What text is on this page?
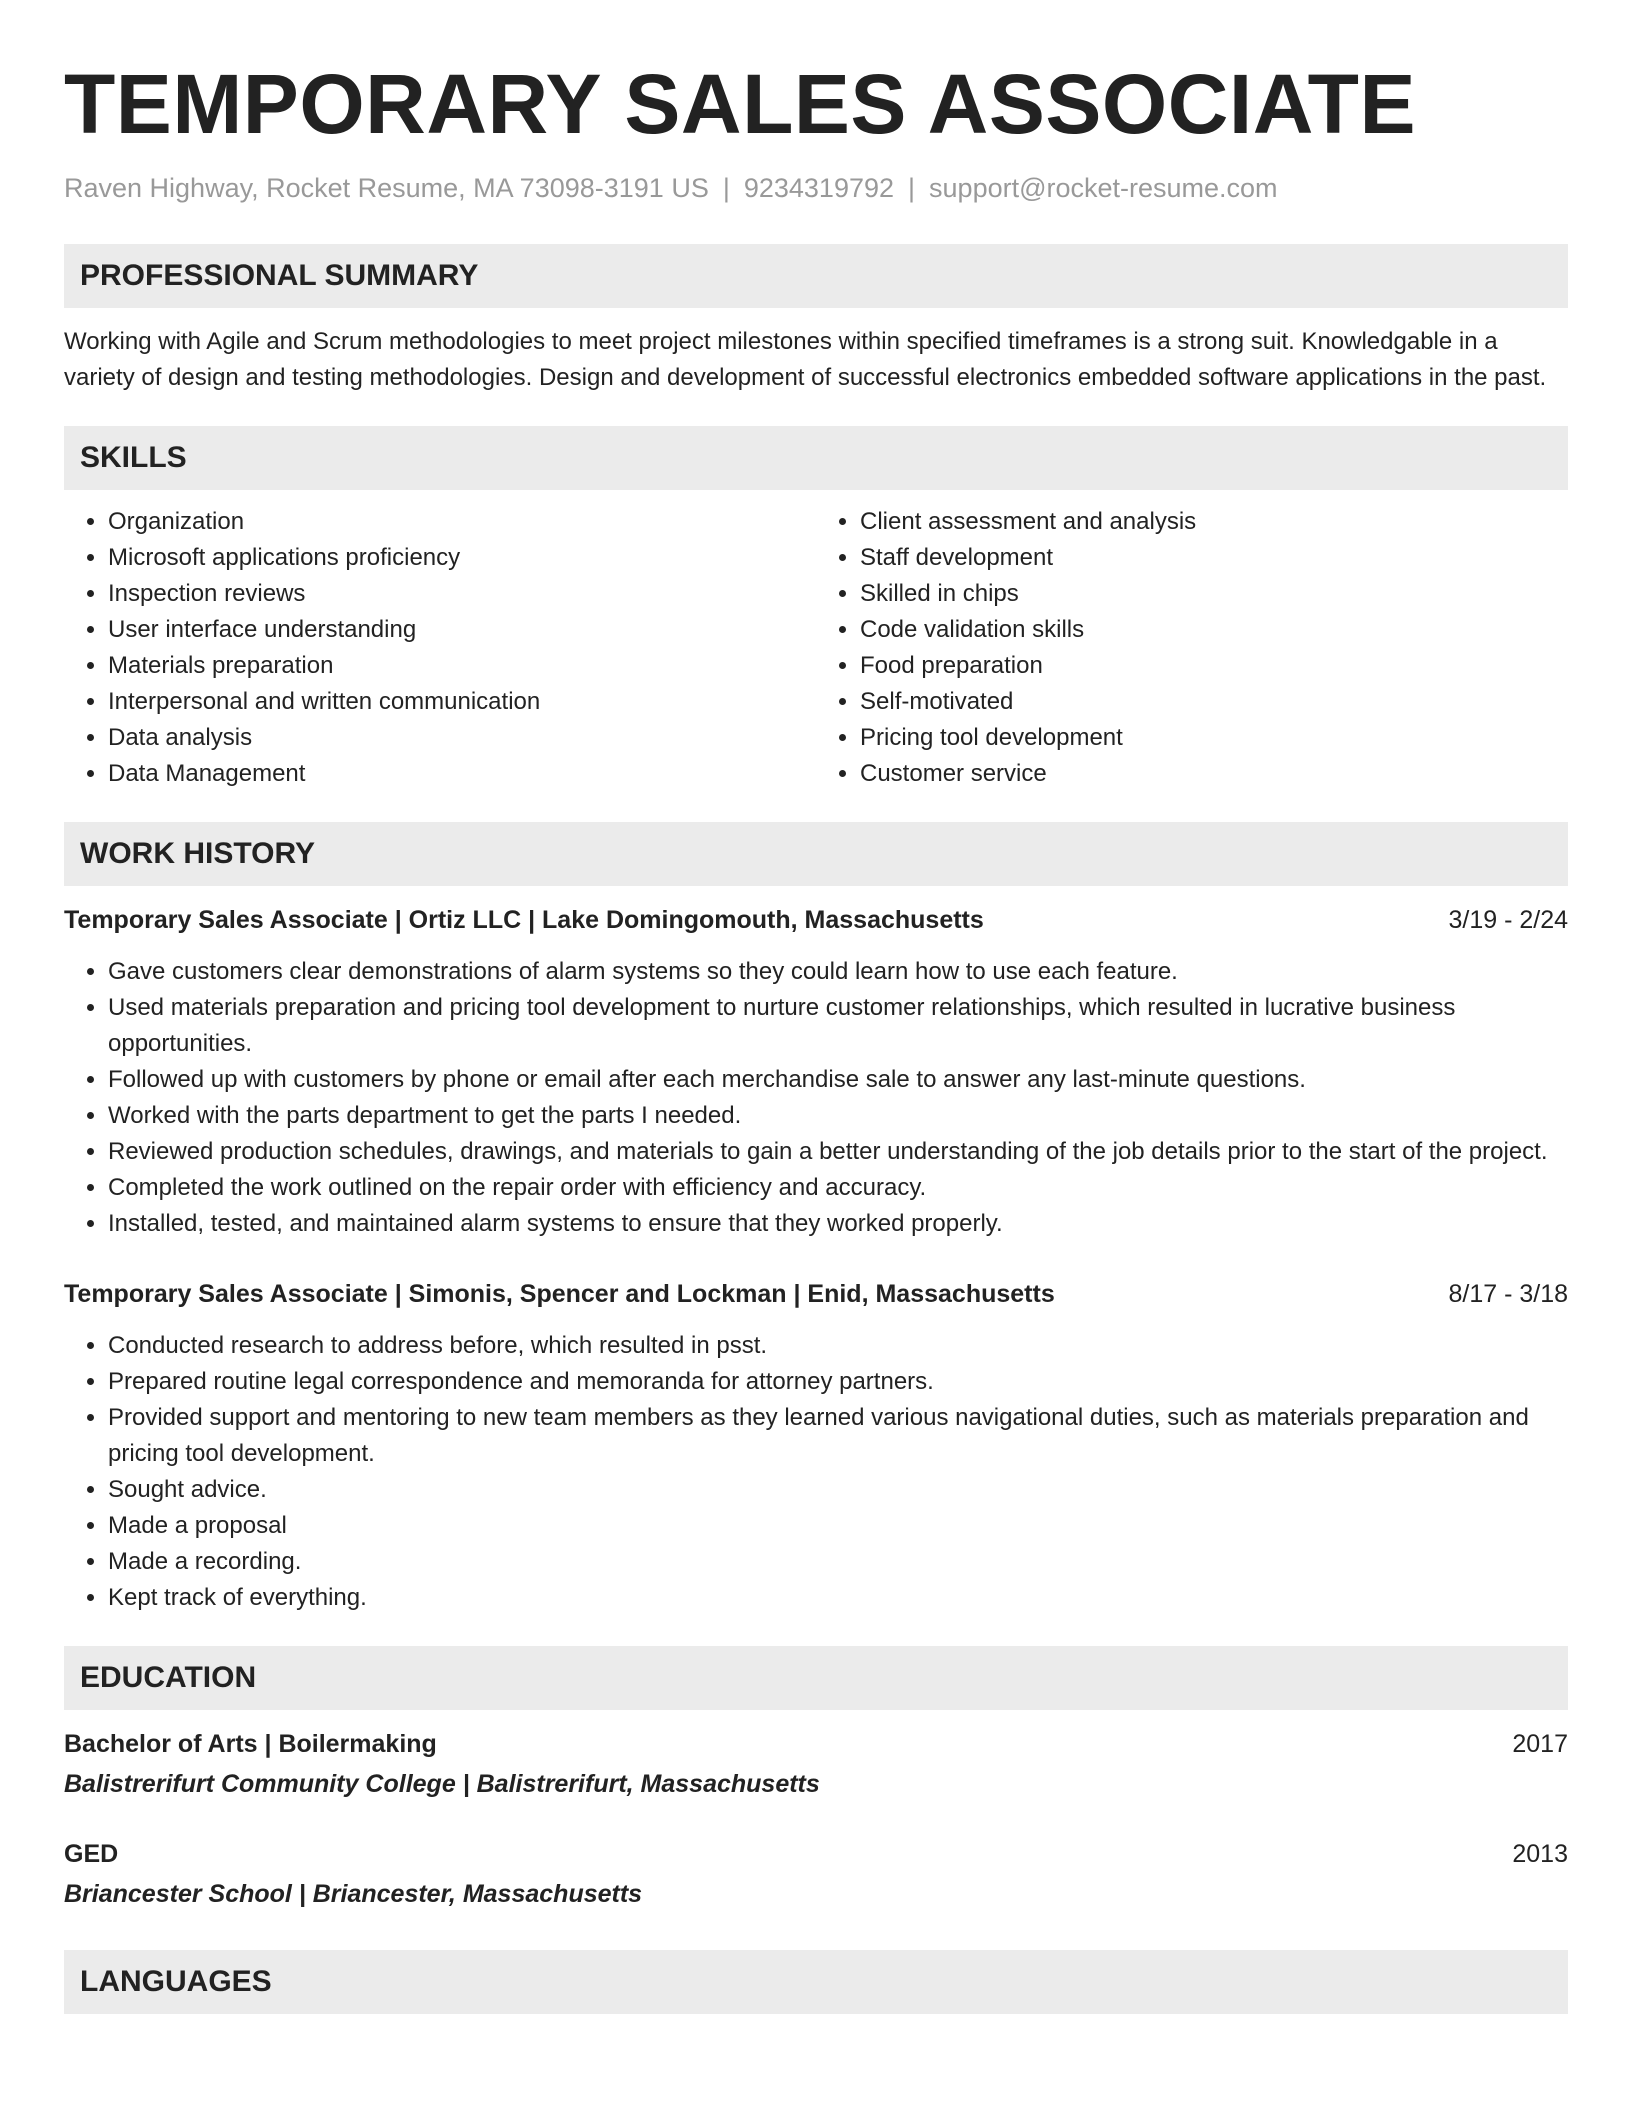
TEMPORARY SALES ASSOCIATE
Raven Highway, Rocket Resume, MA 73098-3191 US | 9234319792 | support@rocket-resume.com
PROFESSIONAL SUMMARY
Working with Agile and Scrum methodologies to meet project milestones within specified timeframes is a strong suit. Knowledgable in a variety of design and testing methodologies. Design and development of successful electronics embedded software applications in the past.
SKILLS
• Organization
• Microsoft applications proficiency
• Inspection reviews
• User interface understanding
• Materials preparation
• Interpersonal and written communication
• Data analysis
• Data Management
• Client assessment and analysis
• Staff development
• Skilled in chips
• Code validation skills
• Food preparation
• Self-motivated
• Pricing tool development
• Customer service
WORK HISTORY
Temporary Sales Associate | Ortiz LLC | Lake Domingomouth, Massachusetts	3/19 - 2/24
• Gave customers clear demonstrations of alarm systems so they could learn how to use each feature.
• Used materials preparation and pricing tool development to nurture customer relationships, which resulted in lucrative business opportunities.
• Followed up with customers by phone or email after each merchandise sale to answer any last-minute questions.
• Worked with the parts department to get the parts I needed.
• Reviewed production schedules, drawings, and materials to gain a better understanding of the job details prior to the start of the project.
• Completed the work outlined on the repair order with efficiency and accuracy.
• Installed, tested, and maintained alarm systems to ensure that they worked properly.
Temporary Sales Associate | Simonis, Spencer and Lockman | Enid, Massachusetts	8/17 - 3/18
• Conducted research to address before, which resulted in psst.
• Prepared routine legal correspondence and memoranda for attorney partners.
• Provided support and mentoring to new team members as they learned various navigational duties, such as materials preparation and pricing tool development.
• Sought advice.
• Made a proposal
• Made a recording.
• Kept track of everything.
EDUCATION
Bachelor of Arts | Boilermaking	2017
Balistrerifurt Community College | Balistrerifurt, Massachusetts
GED	2013
Briancester School | Briancester, Massachusetts
LANGUAGES
